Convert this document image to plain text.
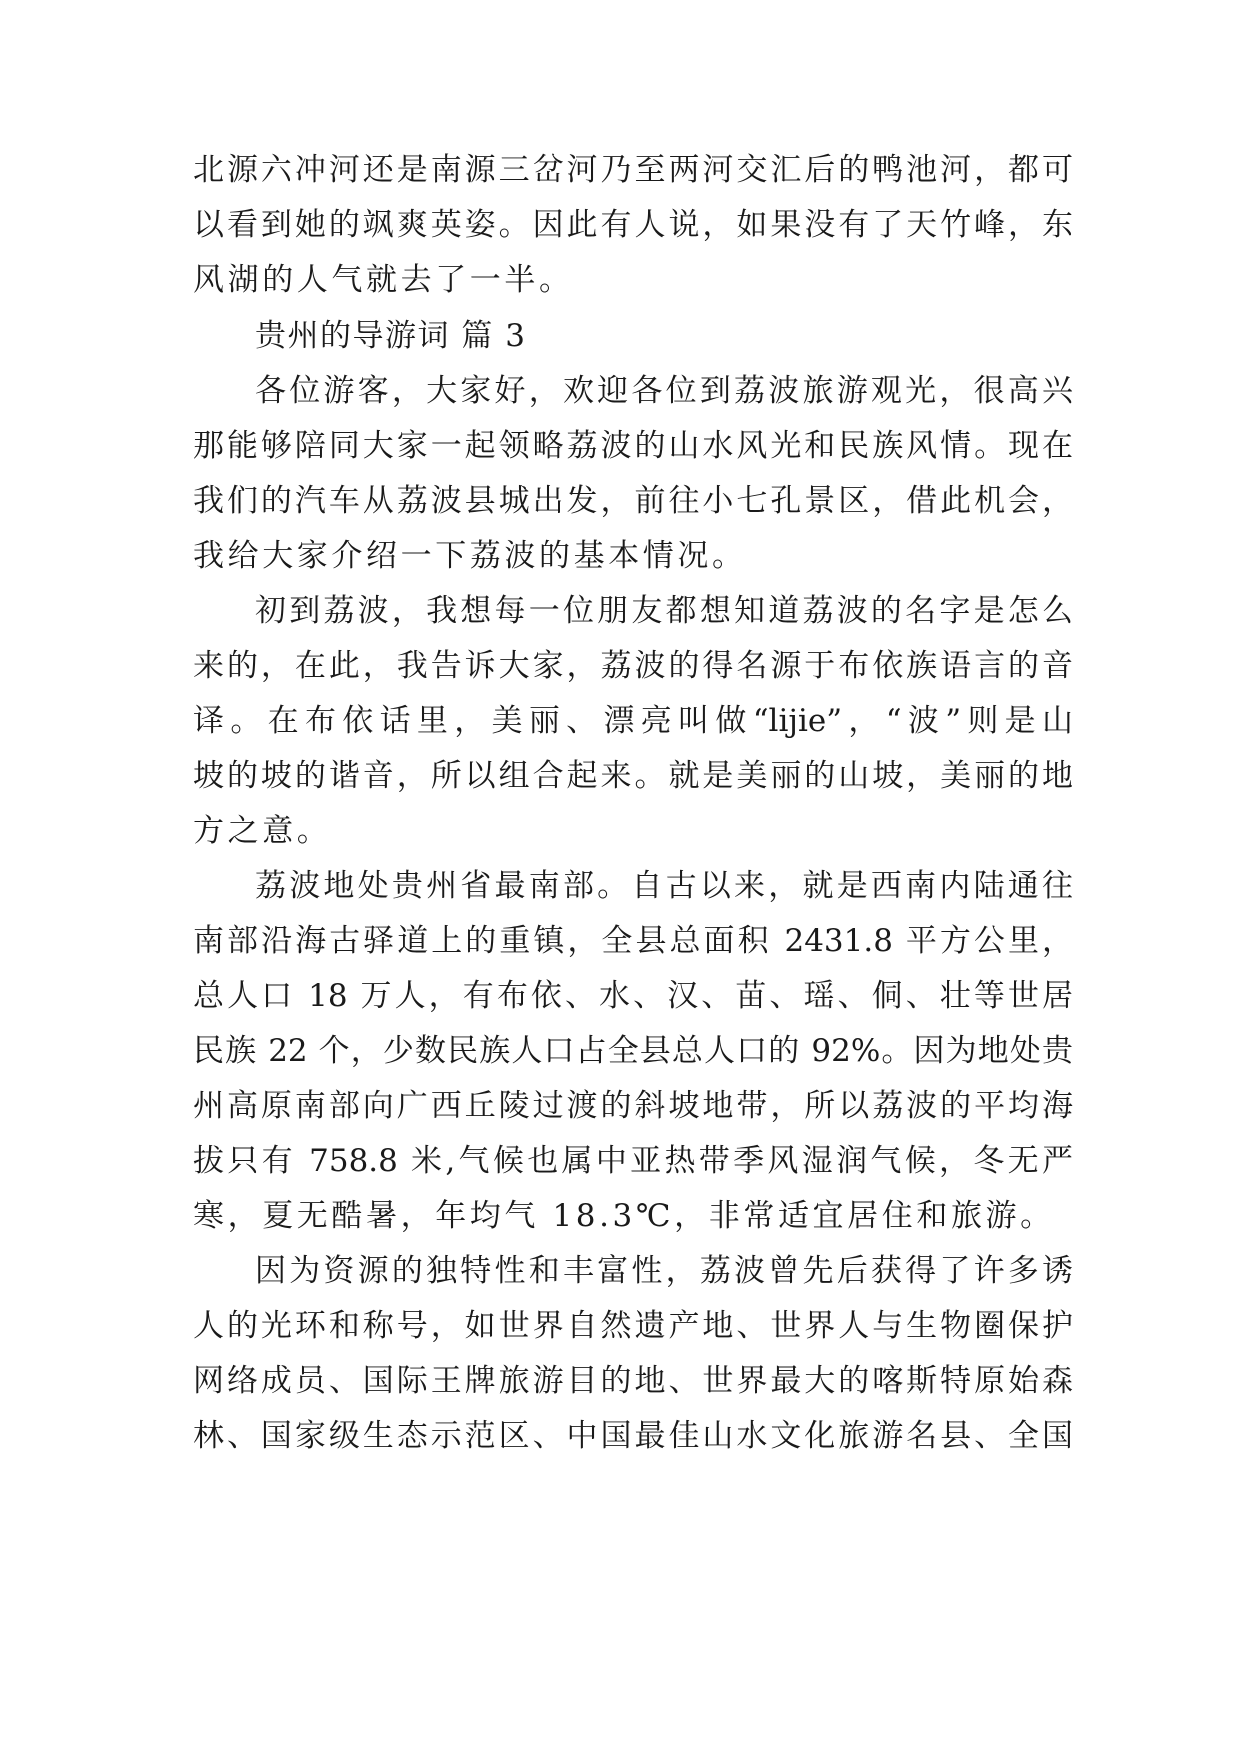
北源六冲河还是南源三岔河乃至两河交汇后的鸭池河，都可
以看到她的飒爽英姿。因此有人说，如果没有了天竹峰，东
风湖的人气就去了一半。
贵州的导游词 篇 3
各位游客，大家好，欢迎各位到荔波旅游观光，很高兴
那能够陪同大家一起领略荔波的山水风光和民族风情。现在
我们的汽车从荔波县城出发，前往小七孔景区，借此机会，
我给大家介绍一下荔波的基本情况。
初到荔波，我想每一位朋友都想知道荔波的名字是怎么
来的，在此，我告诉大家，荔波的得名源于布依族语言的音
译。在布依话里，美丽、漂亮叫做“lijie”，“波”则是山
坡的坡的谐音，所以组合起来。就是美丽的山坡，美丽的地
方之意。
荔波地处贵州省最南部。自古以来，就是西南内陆通往
南部沿海古驿道上的重镇，全县总面积 2431.8 平方公里，
总人口 18 万人，有布依、水、汉、苗、瑶、侗、壮等世居
民族 22 个，少数民族人口占全县总人口的 92%。因为地处贵
州高原南部向广西丘陵过渡的斜坡地带，所以荔波的平均海
拔只有 758.8 米,气候也属中亚热带季风湿润气候，冬无严
寒，夏无酷暑，年均气 18.3℃，非常适宜居住和旅游。
因为资源的独特性和丰富性，荔波曾先后获得了许多诱
人的光环和称号，如世界自然遗产地、世界人与生物圈保护
网络成员、国际王牌旅游目的地、世界最大的喀斯特原始森
林、国家级生态示范区、中国最佳山水文化旅游名县、全国
